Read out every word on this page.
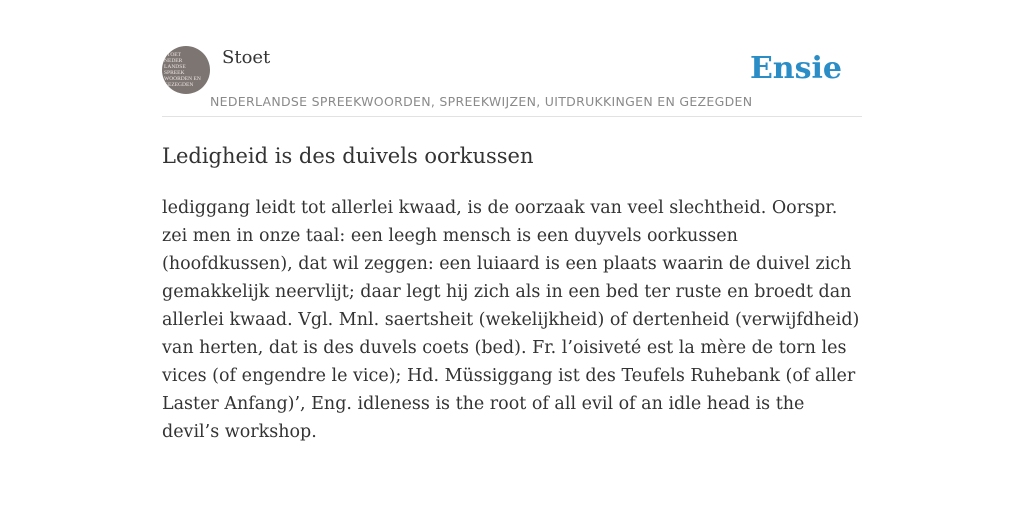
STOET
NEDER
LANDSE
SPREEK
WOORDEN EN
GEZEGDEN
Stoet
NEDERLANDSE SPREEKWOORDEN, SPREEKWIJZEN, UITDRUKKINGEN EN GEZEGDEN
Ensie
Ledigheid is des duivels oorkussen

lediggang leidt tot allerlei kwaad, is de oorzaak van veel slechtheid. Oorspr. zei men in onze taal: een leegh mensch is een duyvels oorkussen (hoofdkussen), dat wil zeggen: een luiaard is een plaats waarin de duivel zich gemakkelijk neervlijt; daar legt hij zich als in een bed ter ruste en broedt dan allerlei kwaad. Vgl. Mnl. saertsheit (wekelijkheid) of dertenheid (verwijfdheid) van herten, dat is des duvels coets (bed). Fr. l’oisiveté est la mère de torn les vices (of engendre le vice); Hd. Müssiggang ist des Teufels Ruhebank (of aller Laster Anfang)’, Eng. idleness is the root of all evil of an idle head is the devil’s workshop.
